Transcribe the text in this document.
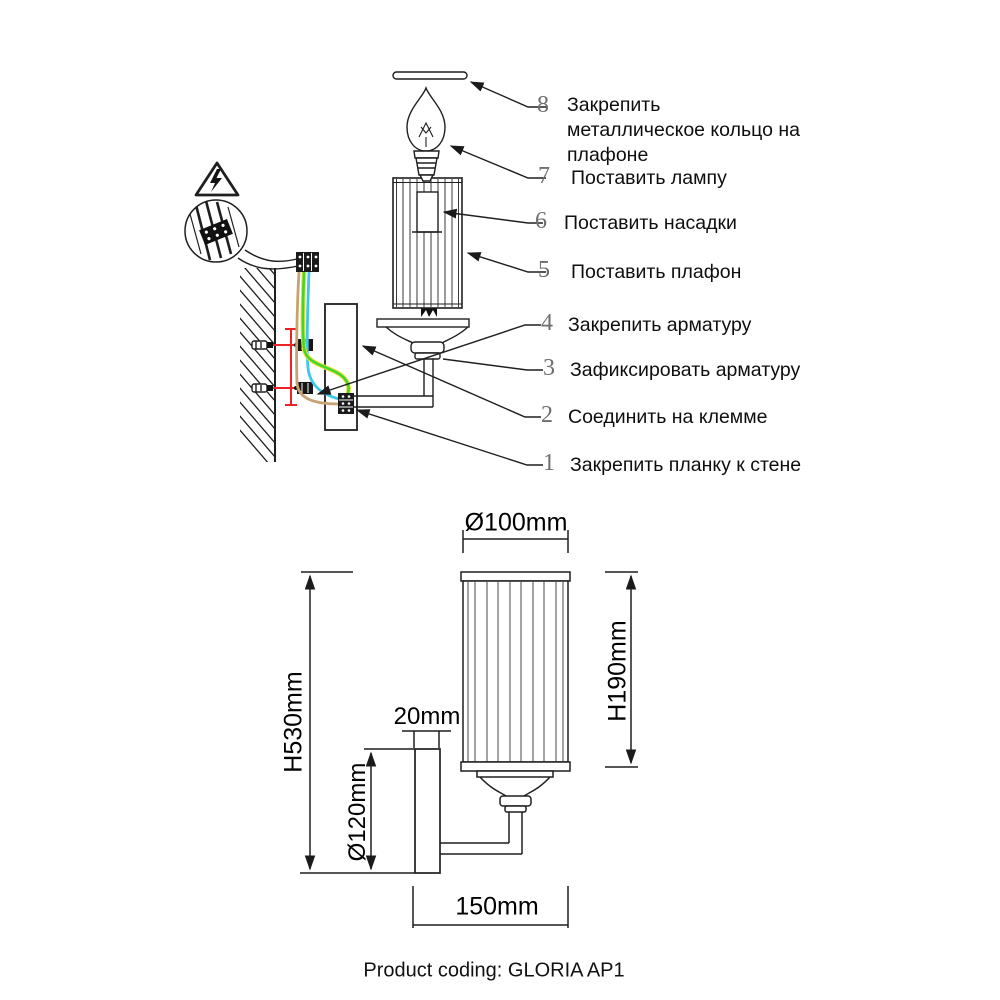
8
7
6
5
4
3
2
1
Закрепить металлическое кольцо на плафоне
Поставить лампу
Поставить насадки
Поставить плафон
Закрепить арматуру
Зафиксировать арматуру
Соединить на клемме
Закрепить планку к стене
Ø100mm
H190mm
H530mm	20mm
Ø120mm
150mm
Product coding: GLORIA AP1
